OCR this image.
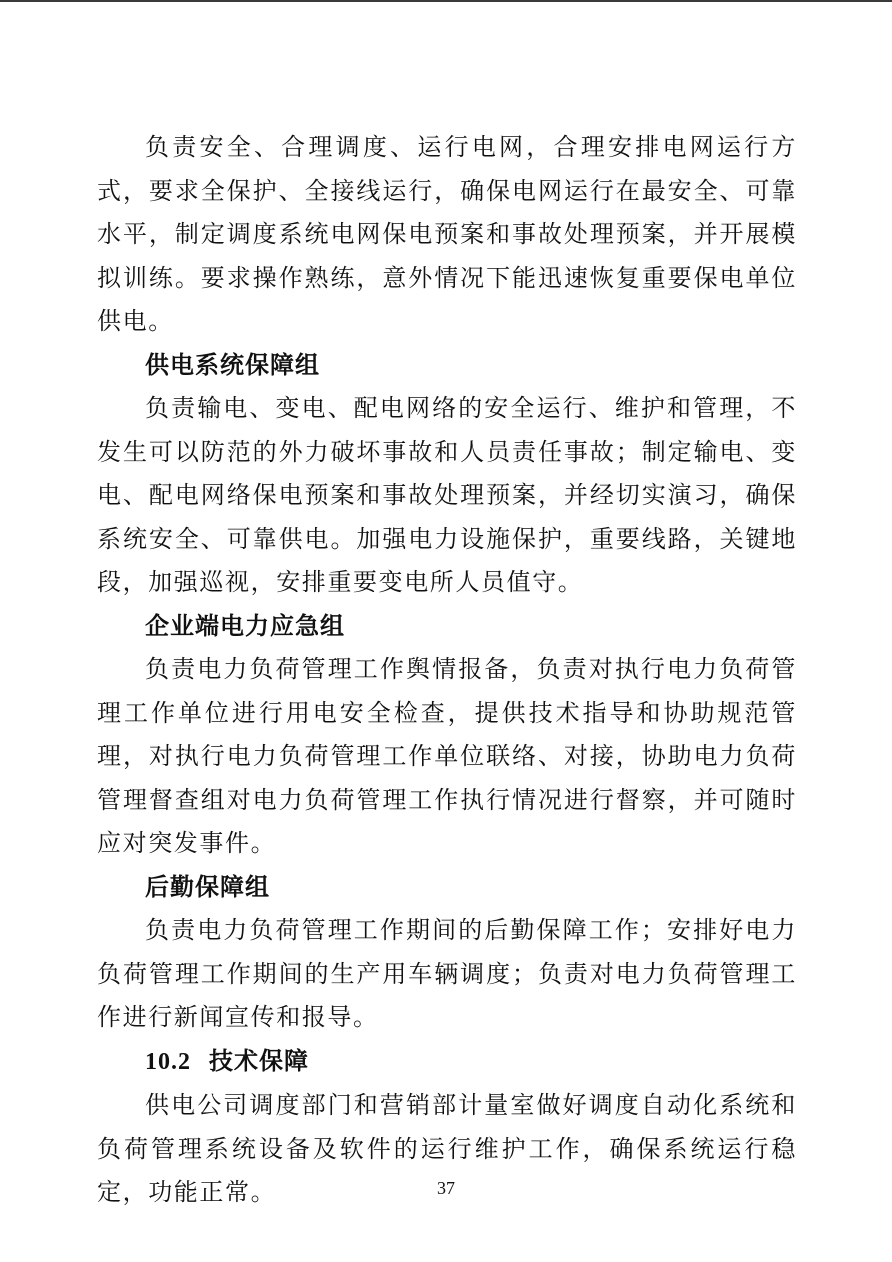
负责安全、合理调度、运行电网，合理安排电网运行方式，要求全保护、全接线运行，确保电网运行在最安全、可靠水平，制定调度系统电网保电预案和事故处理预案，并开展模拟训练。要求操作熟练，意外情况下能迅速恢复重要保电单位供电。

供电系统保障组

负责输电、变电、配电网络的安全运行、维护和管理，不发生可以防范的外力破坏事故和人员责任事故；制定输电、变电、配电网络保电预案和事故处理预案，并经切实演习，确保系统安全、可靠供电。加强电力设施保护，重要线路，关键地段，加强巡视，安排重要变电所人员值守。

企业端电力应急组

负责电力负荷管理工作舆情报备，负责对执行电力负荷管理工作单位进行用电安全检查，提供技术指导和协助规范管理，对执行电力负荷管理工作单位联络、对接，协助电力负荷管理督查组对电力负荷管理工作执行情况进行督察，并可随时应对突发事件。

后勤保障组

负责电力负荷管理工作期间的后勤保障工作；安排好电力负荷管理工作期间的生产用车辆调度；负责对电力负荷管理工作进行新闻宣传和报导。

10.2 技术保障

供电公司调度部门和营销部计量室做好调度自动化系统和负荷管理系统设备及软件的运行维护工作，确保系统运行稳定，功能正常。	37
